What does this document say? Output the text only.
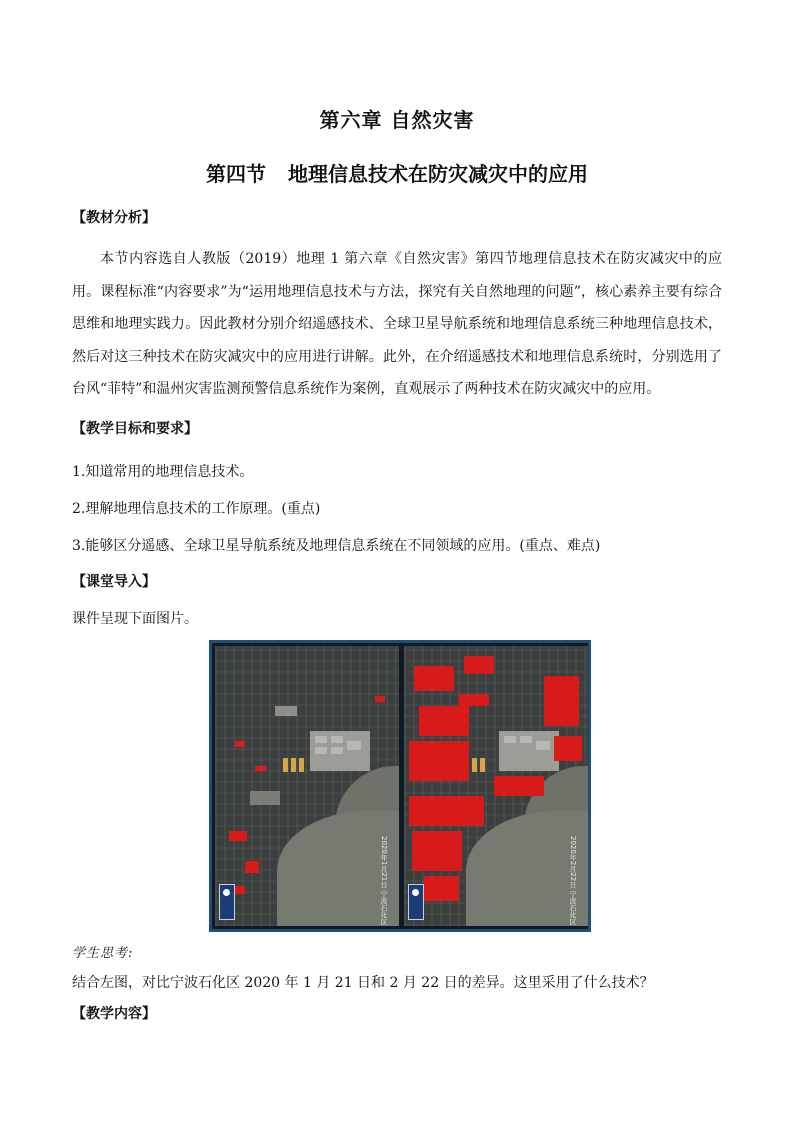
第六章 自然灾害
第四节 地理信息技术在防灾减灾中的应用
【教材分析】
本节内容选自人教版（2019）地理 1 第六章《自然灾害》第四节地理信息技术在防灾减灾中的应用。课程标准“内容要求”为“运用地理信息技术与方法，探究有关自然地理的问题”，核心素养主要有综合思维和地理实践力。因此教材分别介绍遥感技术、全球卫星导航系统和地理信息系统三种地理信息技术，然后对这三种技术在防灾减灾中的应用进行讲解。此外，在介绍遥感技术和地理信息系统时，分别选用了台风“菲特”和温州灾害监测预警信息系统作为案例，直观展示了两种技术在防灾减灾中的应用。
【教学目标和要求】
1.知道常用的地理信息技术。
2.理解地理信息技术的工作原理。(重点)
3.能够区分遥感、全球卫星导航系统及地理信息系统在不同领域的应用。(重点、难点)
【课堂导入】
课件呈现下面图片。
2020年1月21日 宁波石化区	2020年2月22日 宁波石化区
学生思考:
结合左图，对比宁波石化区 2020 年 1 月 21 日和 2 月 22 日的差异。这里采用了什么技术？
【教学内容】
